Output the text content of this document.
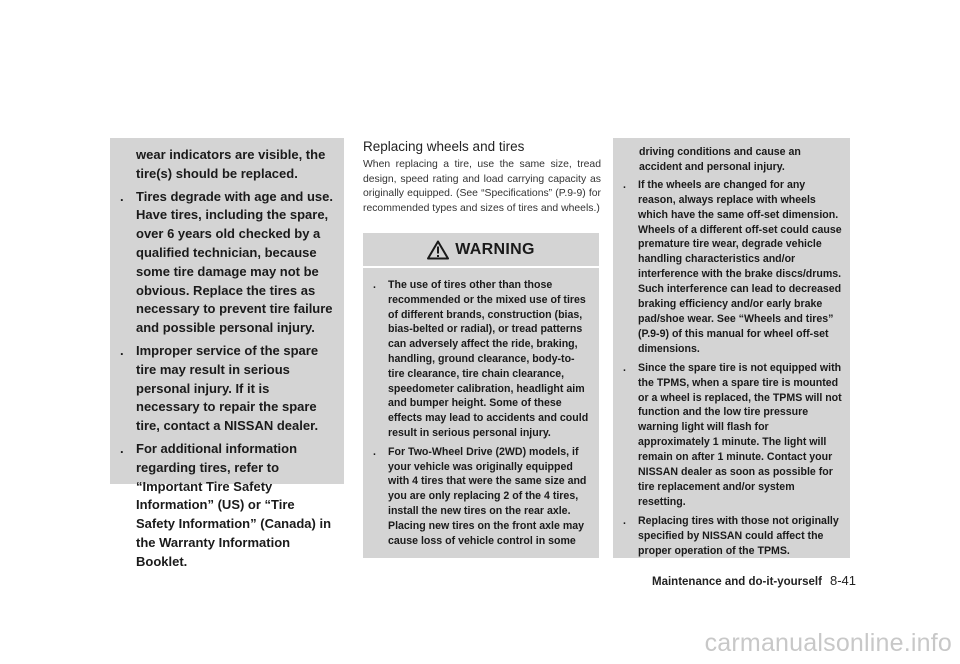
wear indicators are visible, the tire(s) should be replaced.
. Tires degrade with age and use. Have tires, including the spare, over 6 years old checked by a qualified technician, because some tire damage may not be obvious. Replace the tires as necessary to prevent tire failure and possible personal injury.
. Improper service of the spare tire may result in serious personal injury. If it is necessary to repair the spare tire, contact a NISSAN dealer.
. For additional information regarding tires, refer to “Important Tire Safety Information” (US) or “Tire Safety Information” (Canada) in the Warranty Information Booklet.
Replacing wheels and tires
When replacing a tire, use the same size, tread design, speed rating and load carrying capacity as originally equipped. (See “Specifications” (P.9-9) for recommended types and sizes of tires and wheels.)
WARNING
. The use of tires other than those recommended or the mixed use of tires of different brands, construction (bias, bias-belted or radial), or tread patterns can adversely affect the ride, braking, handling, ground clearance, body-to-tire clearance, tire chain clearance, speedometer calibration, headlight aim and bumper height. Some of these effects may lead to accidents and could result in serious personal injury.
. For Two-Wheel Drive (2WD) models, if your vehicle was originally equipped with 4 tires that were the same size and you are only replacing 2 of the 4 tires, install the new tires on the rear axle. Placing new tires on the front axle may cause loss of vehicle control in some
driving conditions and cause an accident and personal injury.
. If the wheels are changed for any reason, always replace with wheels which have the same off-set dimension. Wheels of a different off-set could cause premature tire wear, degrade vehicle handling characteristics and/or interference with the brake discs/drums. Such interference can lead to decreased braking efficiency and/or early brake pad/shoe wear. See “Wheels and tires” (P.9-9) of this manual for wheel off-set dimensions.
. Since the spare tire is not equipped with the TPMS, when a spare tire is mounted or a wheel is replaced, the TPMS will not function and the low tire pressure warning light will flash for approximately 1 minute. The light will remain on after 1 minute. Contact your NISSAN dealer as soon as possible for tire replacement and/or system resetting.
. Replacing tires with those not originally specified by NISSAN could affect the proper operation of the TPMS.
Maintenance and do-it-yourself 8-41
carmanualsonline.info
